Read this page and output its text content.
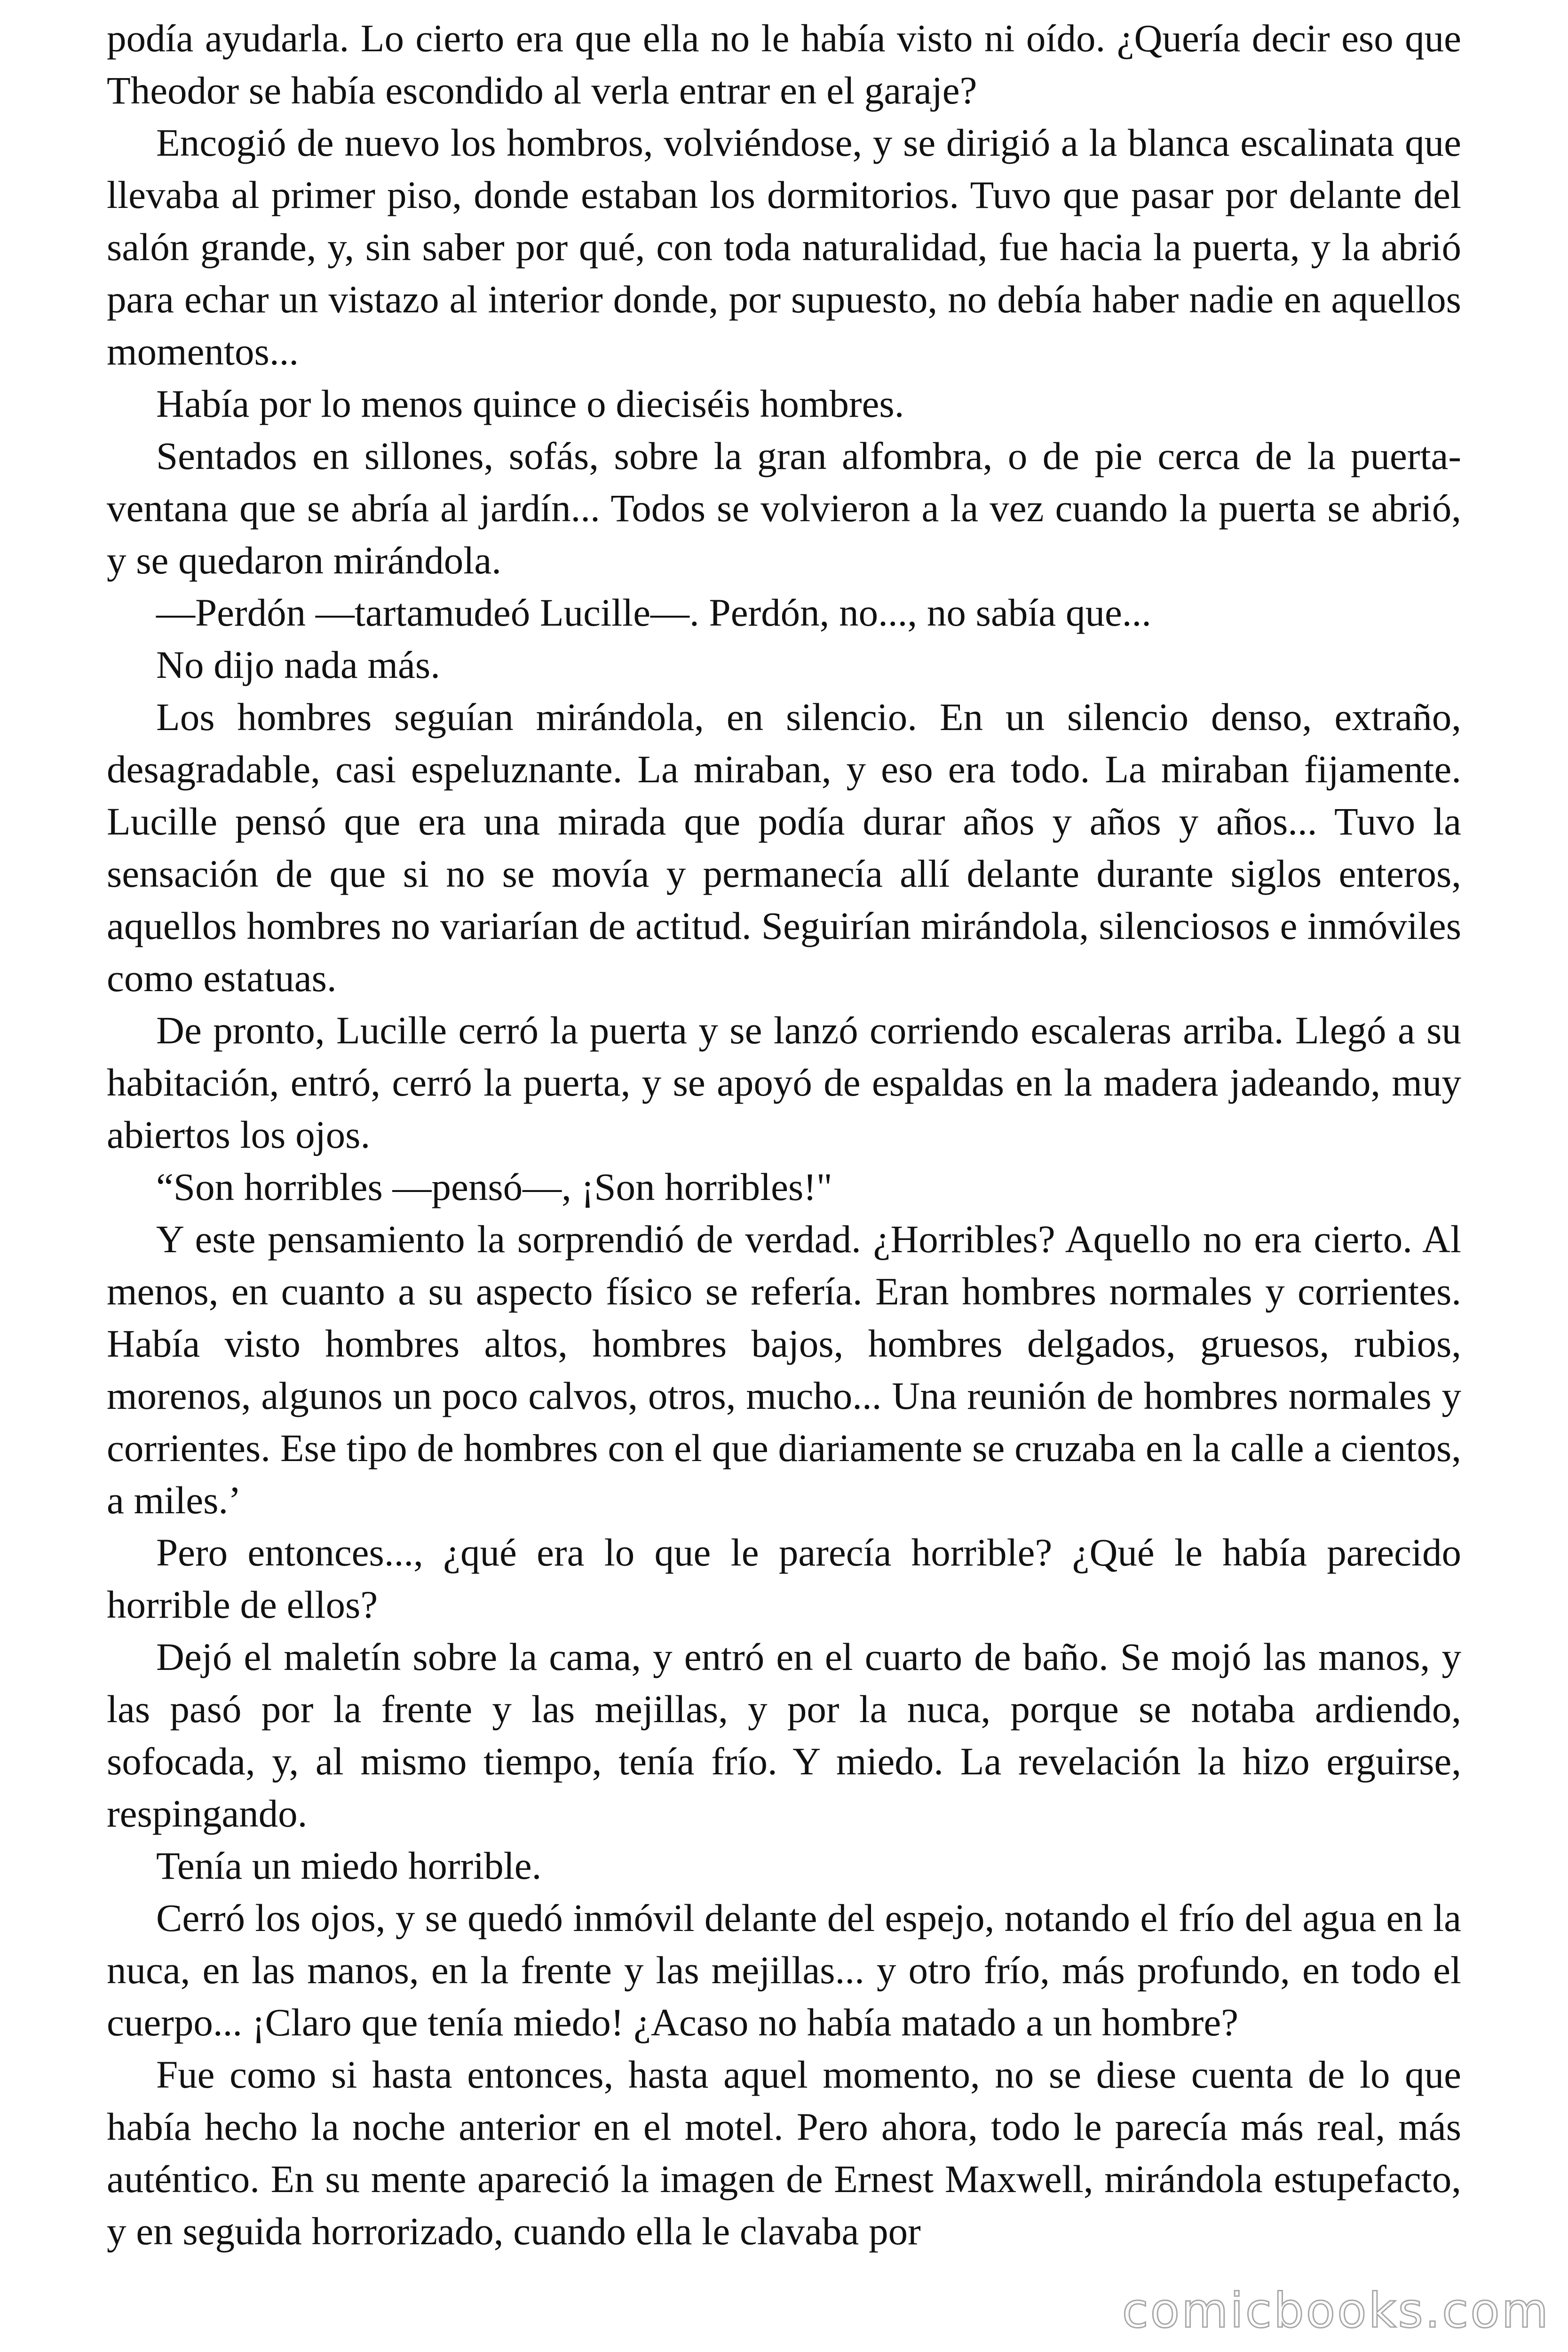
podía ayudarla. Lo cierto era que ella no le había visto ni oído. ¿Quería decir eso que Theodor se había escondido al verla entrar en el garaje?

Encogió de nuevo los hombros, volviéndose, y se dirigió a la blanca escalinata que llevaba al primer piso, donde estaban los dormitorios. Tuvo que pasar por delante del salón grande, y, sin saber por qué, con toda naturalidad, fue hacia la puerta, y la abrió para echar un vistazo al interior donde, por supuesto, no debía haber nadie en aquellos momentos...

Había por lo menos quince o dieciséis hombres.

Sentados en sillones, sofás, sobre la gran alfombra, o de pie cerca de la puerta-ventana que se abría al jardín... Todos se volvieron a la vez cuando la puerta se abrió, y se quedaron mirándola.

—Perdón —tartamudeó Lucille—. Perdón, no..., no sabía que...

No dijo nada más.

Los hombres seguían mirándola, en silencio. En un silencio denso, extraño, desagradable, casi espeluznante. La miraban, y eso era todo. La miraban fijamente. Lucille pensó que era una mirada que podía durar años y años y años... Tuvo la sensación de que si no se movía y permanecía allí delante durante siglos enteros, aquellos hombres no variarían de actitud. Seguirían mirándola, silenciosos e inmóviles como estatuas.

De pronto, Lucille cerró la puerta y se lanzó corriendo escaleras arriba. Llegó a su habitación, entró, cerró la puerta, y se apoyó de espaldas en la madera jadeando, muy abiertos los ojos.

“Son horribles —pensó—, ¡Son horribles!"

Y este pensamiento la sorprendió de verdad. ¿Horribles? Aquello no era cierto. Al menos, en cuanto a su aspecto físico se refería. Eran hombres normales y corrientes. Había visto hombres altos, hombres bajos, hombres delgados, gruesos, rubios, morenos, algunos un poco calvos, otros, mucho... Una reunión de hombres normales y corrientes. Ese tipo de hombres con el que diariamente se cruzaba en la calle a cientos, a miles.’

Pero entonces..., ¿qué era lo que le parecía horrible? ¿Qué le había parecido horrible de ellos?

Dejó el maletín sobre la cama, y entró en el cuarto de baño. Se mojó las manos, y las pasó por la frente y las mejillas, y por la nuca, porque se notaba ardiendo, sofocada, y, al mismo tiempo, tenía frío. Y miedo. La revelación la hizo erguirse, respingando.

Tenía un miedo horrible.

Cerró los ojos, y se quedó inmóvil delante del espejo, notando el frío del agua en la nuca, en las manos, en la frente y las mejillas... y otro frío, más profundo, en todo el cuerpo... ¡Claro que tenía miedo! ¿Acaso no había matado a un hombre?

Fue como si hasta entonces, hasta aquel momento, no se diese cuenta de lo que había hecho la noche anterior en el motel. Pero ahora, todo le parecía más real, más auténtico. En su mente apareció la imagen de Ernest Maxwell, mirándola estupefacto, y en seguida horrorizado, cuando ella le clavaba por

comicbooks.com
